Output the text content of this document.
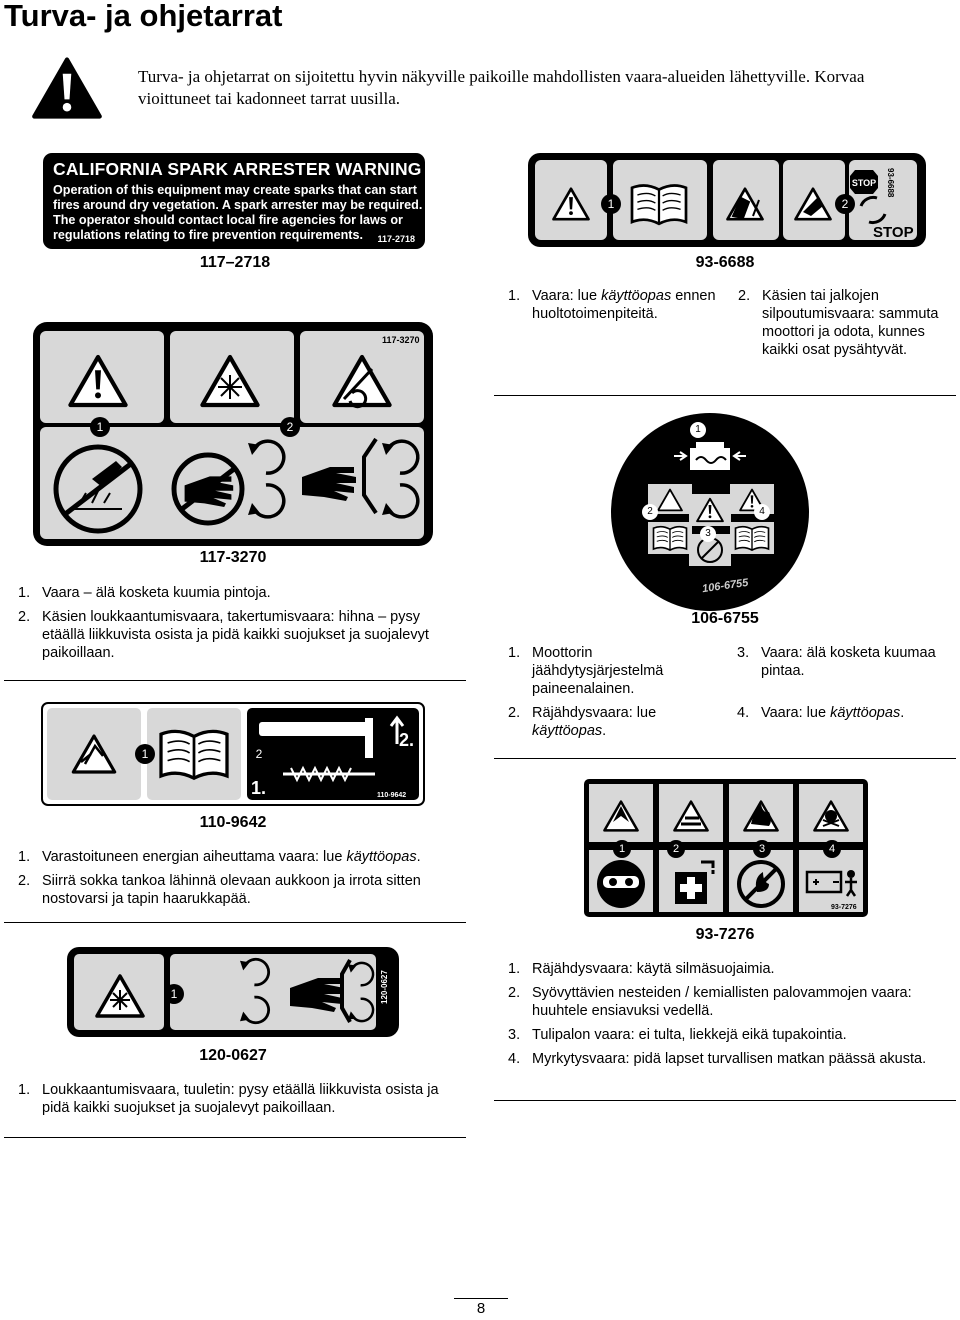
Turva- ja ohjetarrat
Turva- ja ohjetarrat on sijoitettu hyvin näkyville paikoille mahdollisten vaara-alueiden lähettyville. Korvaa vioittuneet tai kadonneet tarrat uusilla.
CALIFORNIA SPARK ARRESTER WARNING
Operation of this equipment may create sparks that can start
fires around dry vegetation. A spark arrester may be required.
The operator should contact local fire agencies for laws or
regulations relating to fire prevention requirements. 117-2718
117–2718
1	2
STOP
STOP
93-6688
93-6688
1. Vaara: lue käyttöopas ennen huoltotoimenpiteitä.
2. Käsien tai jalkojen silpoutumisvaara: sammuta moottori ja odota, kunnes kaikki osat pysähtyvät.
117-3270
1	2
117-3270
1. Vaara – älä kosketa kuumia pintoja.
2. Käsien loukkaantumisvaara, takertumisvaara: hihna – pysy etäällä liikkuvista osista ja pidä kaikki suojukset ja suojalevyt paikoillaan.
106-6755
1
2
3
4
106-6755
1. Moottorin jäähdytysjärjestelmä paineenalainen.
2. Räjähdysvaara: lue käyttöopas.
3. Vaara: älä kosketa kuumaa pintaa.
4. Vaara: lue käyttöopas.
1	2
1.
2.
110-9642
110-9642
1. Varastoituneen energian aiheuttama vaara: lue käyttöopas.
2. Siirrä sokka tankoa lähinnä olevaan aukkoon ja irrota sitten nostovarsi ja tapin haarukkapää.
1	2	3	4
93-7276
93-7276
1. Räjähdysvaara: käytä silmäsuojaimia.
2. Syövyttävien nesteiden / kemiallisten palovammojen vaara: huuhtele ensiavuksi vedellä.
3. Tulipalon vaara: ei tulta, liekkejä eikä tupakointia.
4. Myrkytysvaara: pidä lapset turvallisen matkan päässä akusta.
1	120-0627
120-0627
1. Loukkaantumisvaara, tuuletin: pysy etäällä liikkuvista osista ja pidä kaikki suojukset ja suojalevyt paikoillaan.
8
